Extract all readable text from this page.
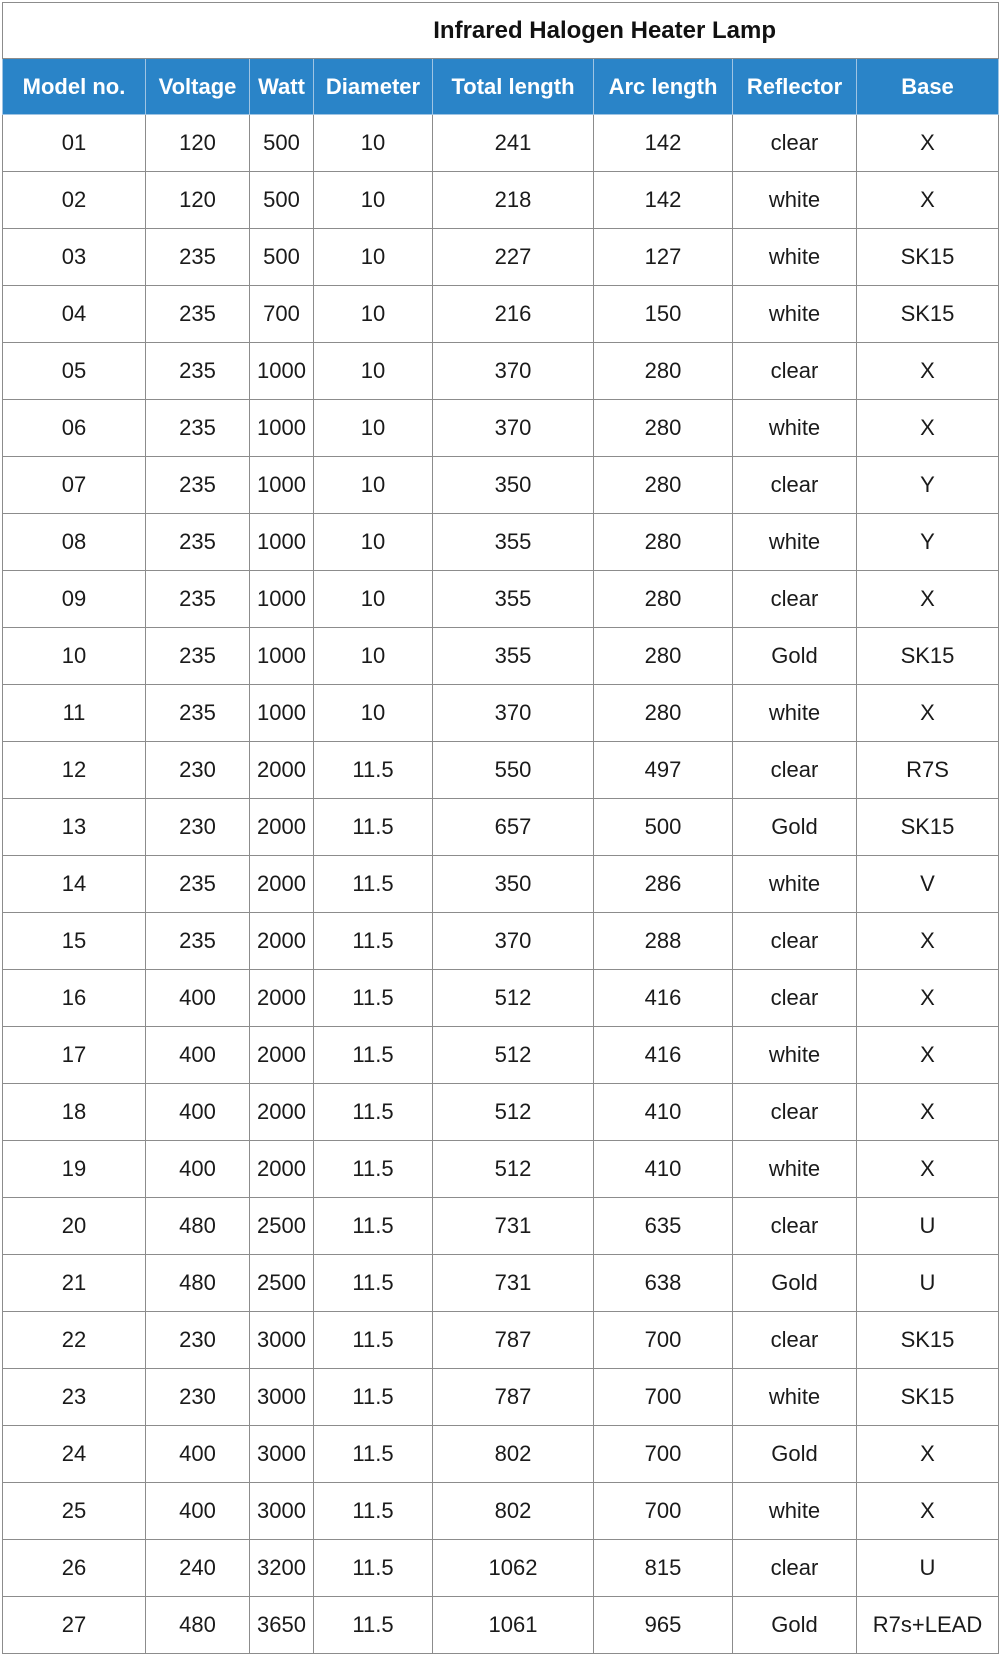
Infrared Halogen Heater Lamp							
Model no.	Voltage	Watt	Diameter	Total length	Arc length	Reflector	Base
01	120	500	10	241	142	clear	X
02	120	500	10	218	142	white	X
03	235	500	10	227	127	white	SK15
04	235	700	10	216	150	white	SK15
05	235	1000	10	370	280	clear	X
06	235	1000	10	370	280	white	X
07	235	1000	10	350	280	clear	Y
08	235	1000	10	355	280	white	Y
09	235	1000	10	355	280	clear	X
10	235	1000	10	355	280	Gold	SK15
11	235	1000	10	370	280	white	X
12	230	2000	11.5	550	497	clear	R7S
13	230	2000	11.5	657	500	Gold	SK15
14	235	2000	11.5	350	286	white	V
15	235	2000	11.5	370	288	clear	X
16	400	2000	11.5	512	416	clear	X
17	400	2000	11.5	512	416	white	X
18	400	2000	11.5	512	410	clear	X
19	400	2000	11.5	512	410	white	X
20	480	2500	11.5	731	635	clear	U
21	480	2500	11.5	731	638	Gold	U
22	230	3000	11.5	787	700	clear	SK15
23	230	3000	11.5	787	700	white	SK15
24	400	3000	11.5	802	700	Gold	X
25	400	3000	11.5	802	700	white	X
26	240	3200	11.5	1062	815	clear	U
27	480	3650	11.5	1061	965	Gold	R7s+LEAD
